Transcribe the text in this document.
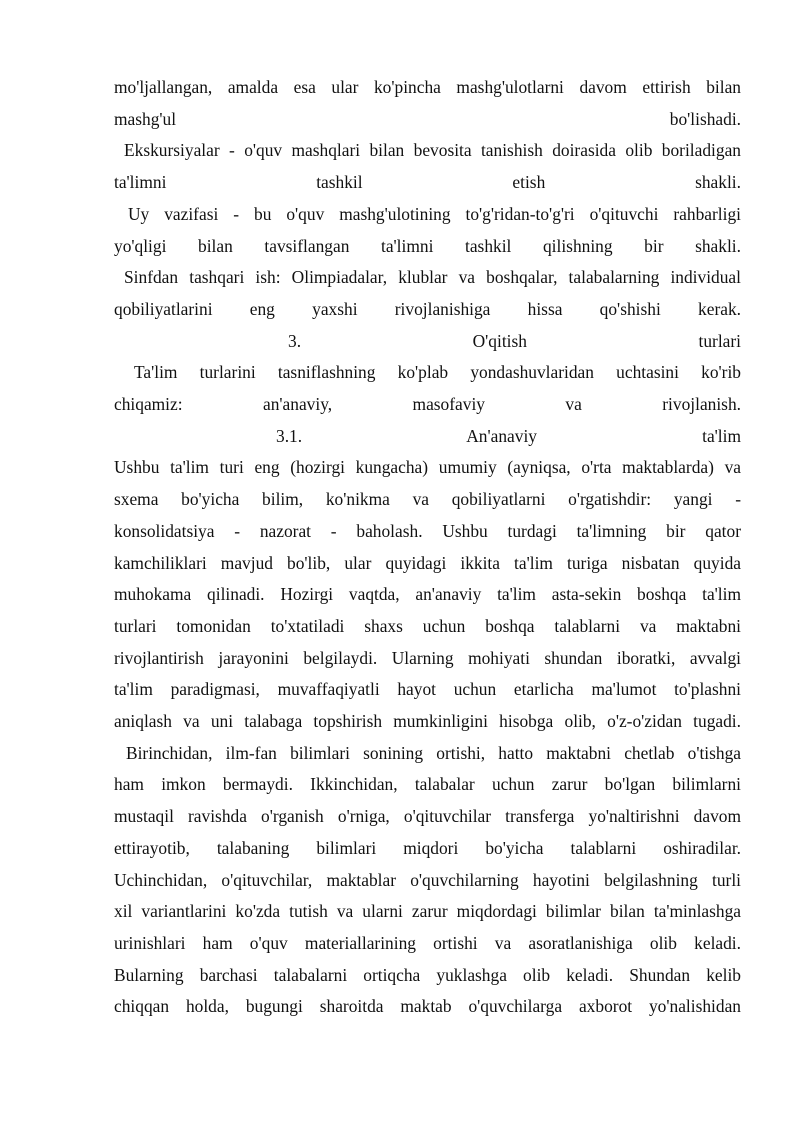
mo'ljallangan, amalda esa ular ko'pincha mashg'ulotlarni davom ettirish bilan
mashg'ul bo'lishadi.
Ekskursiyalar - o'quv mashqlari bilan bevosita tanishish doirasida olib boriladigan
ta'limni tashkil etish shakli.
Uy vazifasi - bu o'quv mashg'ulotining to'g'ridan-to'g'ri o'qituvchi rahbarligi
yo'qligi bilan tavsiflangan ta'limni tashkil qilishning bir shakli.
Sinfdan tashqari ish: Olimpiadalar, klublar va boshqalar, talabalarning individual
qobiliyatlarini eng yaxshi rivojlanishiga hissa qo'shishi kerak.
3. O'qitish turlari
Ta'lim turlarini tasniflashning ko'plab yondashuvlaridan uchtasini ko'rib
chiqamiz: an'anaviy, masofaviy va rivojlanish.
3.1. An'anaviy ta'lim
Ushbu ta'lim turi eng (hozirgi kungacha) umumiy (ayniqsa, o'rta maktablarda) va
sxema bo'yicha bilim, ko'nikma va qobiliyatlarni o'rgatishdir: yangi -
konsolidatsiya - nazorat - baholash. Ushbu turdagi ta'limning bir qator
kamchiliklari mavjud bo'lib, ular quyidagi ikkita ta'lim turiga nisbatan quyida
muhokama qilinadi. Hozirgi vaqtda, an'anaviy ta'lim asta-sekin boshqa ta'lim
turlari tomonidan to'xtatiladi shaxs uchun boshqa talablarni va maktabni
rivojlantirish jarayonini belgilaydi. Ularning mohiyati shundan iboratki, avvalgi
ta'lim paradigmasi, muvaffaqiyatli hayot uchun etarlicha ma'lumot to'plashni
aniqlash va uni talabaga topshirish mumkinligini hisobga olib, o'z-o'zidan tugadi.
Birinchidan, ilm-fan bilimlari sonining ortishi, hatto maktabni chetlab o'tishga
ham imkon bermaydi. Ikkinchidan, talabalar uchun zarur bo'lgan bilimlarni
mustaqil ravishda o'rganish o'rniga, o'qituvchilar transferga yo'naltirishni davom
ettirayotib, talabaning bilimlari miqdori bo'yicha talablarni oshiradilar.
Uchinchidan, o'qituvchilar, maktablar o'quvchilarning hayotini belgilashning turli
xil variantlarini ko'zda tutish va ularni zarur miqdordagi bilimlar bilan ta'minlashga
urinishlari ham o'quv materiallarining ortishi va asoratlanishiga olib keladi.
Bularning barchasi talabalarni ortiqcha yuklashga olib keladi. Shundan kelib
chiqqan holda, bugungi sharoitda maktab o'quvchilarga axborot yo'nalishidan
